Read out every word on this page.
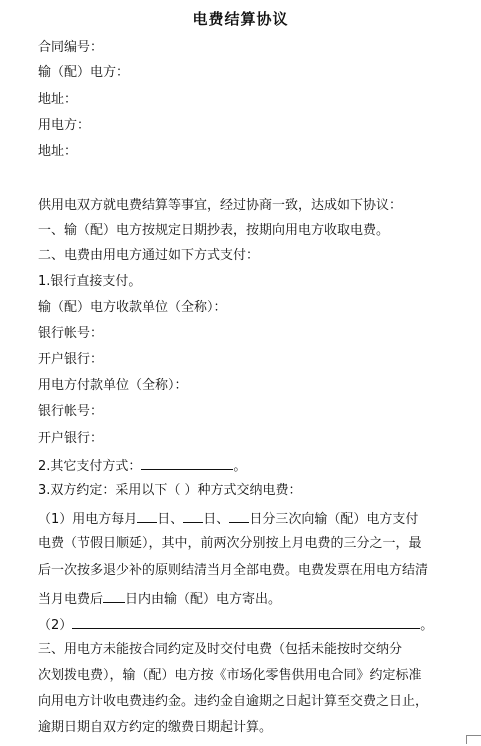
电费结算协议
合同编号：
输（配）电方：
地址：
用电方：
地址：
供用电双方就电费结算等事宜，经过协商一致，达成如下协议：
一、输（配）电方按规定日期抄表，按期向用电方收取电费。
二、电费由用电方通过如下方式支付：
1.银行直接支付。
输（配）电方收款单位（全称）：
银行帐号：
开户银行：
用电方付款单位（全称）：
银行帐号：
开户银行：
2.其它支付方式：	。
3.双方约定：采用以下（ ）种方式交纳电费：
（1）用电方每月 日、 日、 日分三次向输（配）电方支付
电费（节假日顺延），其中，前两次分别按上月电费的三分之一，最
后一次按多退少补的原则结清当月全部电费。电费发票在用电方结清
当月电费后 日内由输（配）电方寄出。
（2）	。
三、用电方未能按合同约定及时交付电费（包括未能按时交纳分
次划拨电费），输（配）电方按《市场化零售供用电合同》约定标准
向用电方计收电费违约金。违约金自逾期之日起计算至交费之日止，
逾期日期自双方约定的缴费日期起计算。
